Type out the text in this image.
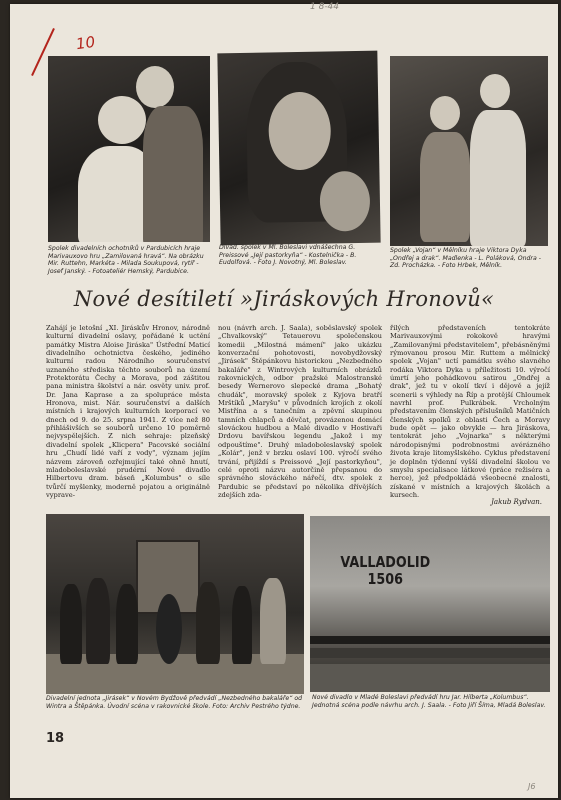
10
1 8-44
J6
Spolek divadelních ochotníků v Pardubicích hraje Marivauxovo hru „Zamilovaná hravá“. Na obrázku Mir. Ruttehn, Markéta - Milada Soukupová, rytíř - Josef Janský. - Fotoateliér Hemský, Pardubice.
Divad. spolek v Ml. Boleslavi vdnášechna G. Preissové „Její pastorkyňa“ - Kostelnička - B. Eudolfová. - Foto J. Novotný, Ml. Boleslav.
Spolek „Vojan“ v Mělníku hraje Viktora Dyka „Ondřej a drak“. Madlenka - L. Poláková, Ondra - Zd. Procházka. - Foto Hrbek, Mělník.
Nové desítiletí »Jiráskových Hronovů«
Zahájí je letošní „XI. Jiráskův Hronov, národně kulturní divadelní oslavy, pořádané k uctění památky Mistra Aloise Jiráska" Ústřední Maticí divadelního ochotnictva českého, jediného kulturní radou Národního souručenství uznaného střediska těchto souborů na území Protektorátu Čechy a Morava, pod záštitou pana ministra školství a nár. osvěty univ. prof. Dr. Jana Kaprase a za spolupráce města Hronova, mist. Nár. souručenství a dalších místních i krajových kulturních korporací ve dnech od 9. do 25. srpna 1941. Z více než 80 přihlášivších se souborů určeno 10 poměrně nejvyspělejších. Z nich sehraje: plzeňský divadelní spolek „Klicpera" Pacovské sociální hru „Chudí lidé vaří z vody", význam jejím názvem zároveň ozřejmující také ohně hnutí, mladoboleslavské prudérní Nové divadlo Hilbertovu dram. báseň „Kolumbus" o síle tvůrčí myšlenky, moderně pojatou a originálně vyprave-
nou (návrh arch. J. Saala), soběslavský spolek „Chvalkovský" Tetauerovu společenskou komedii „Milostná mámení" jako ukázku konverzační pohotovosti, novobydžovský „Jirásek" Štěpánkovu historickou „Nezbedného bakaláře" z Wintrových kulturních obrázků rakovnických, odbor pražské Malostranské besedy Wernerovo slepecké drama „Bohatý chudák", moravský spolek z Kyjova bratří Mrštíků „Maryšu" v původních krojích z okolí Mistřína a s tanečním a zpěvní skupinou tamních chlapců a děvčat, provázenou domácí slováckou hudbou a Malé divadlo v Hostivaři Drdovu bavířskou legendu „Jakož i my odpouštíme". Druhý mladoboleslavský spolek „Kolár", jenž v brzku oslaví 100. výročí svého trvání, přijíždí s Preissové „Její pastorkyňou", celé oproti názvu autorčině přepsanou do správného slováckého nářečí, dtv. spolek z Pardubic se představí po několika dřívějších zdejších zda-
řilých představeních tentokráte Marivauxovými rokokově hravými „Zamilovanými představitelem", přebásněnými rýmovanou prosou Mir. Ruttem a mělnický spolek „Vojan" uctí památku svého slavného rodáka Viktora Dyka u příležitosti 10. výročí úmrtí jeho pohádkovou satirou „Ondřej a drak", jež tu v okolí tkví i dějově a jejíž scenerii s výhledy na Říp a protější Chloumek navrhl prof. Pulkrábek. Vrcholným představením členských příslušníků Matičních členských spolků z oblasti Čech a Moravy bude opět — jako obvykle — hra Jiráskova, tentokrát jeho „Vojnarka" s některými národopisnými podrobnostmi avérázného života kraje litomyšlského. Cyklus představení je doplněn týdenní vyšší divadelní školou ve smyslu specialisace látkové (práce režiséra a herce), jež předpokládá všeobecné znalosti, získané v místních a krajových školách a kursech.
Jakub Rydvan.
Divadelní jednota „Jirásek“ v Novém Bydžově předvádí „Nezbedného bakaláře“ od Wintra a Štěpánka. Úvodní scéna v rakovnické škole. Foto: Archiv Pestrého týdne.
VALLADOLID
1506
Nové divadlo v Mladé Boleslavi předvádí hru Jar. Hilberta „Kolumbus“. Jednotná scéna podle návrhu arch. J. Saala. - Foto Jiří Šíma, Mladá Boleslav.
18
